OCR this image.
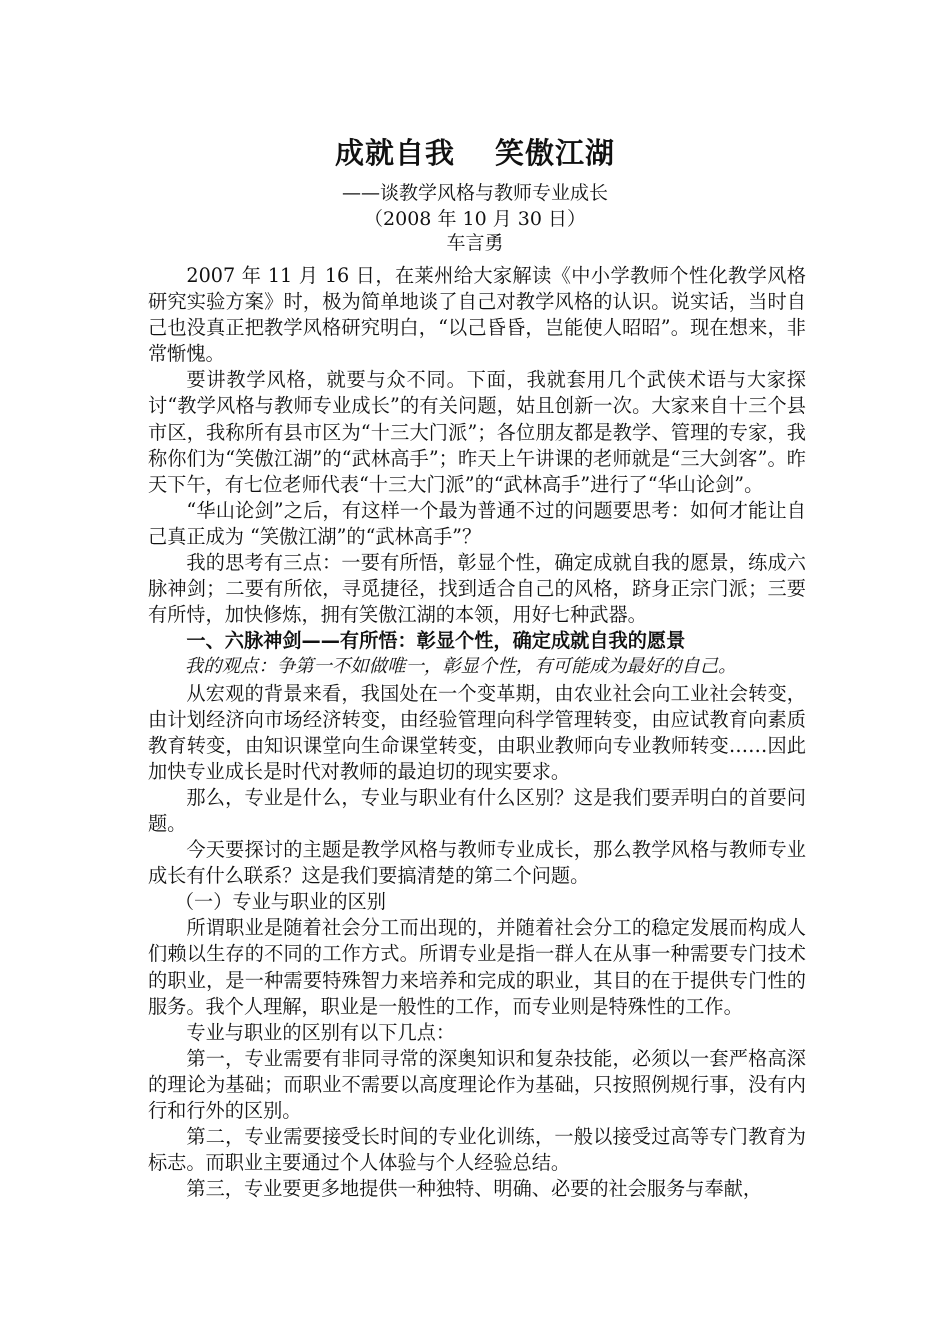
成就自我 笑傲江湖
——谈教学风格与教师专业成长
（2008 年 10 月 30 日）
车言勇

2007 年 11 月 16 日，在莱州给大家解读《中小学教师个性化教学风格研究实验方案》时，极为简单地谈了自己对教学风格的认识。说实话，当时自己也没真正把教学风格研究明白，“以己昏昏，岂能使人昭昭”。现在想来，非常惭愧。

要讲教学风格，就要与众不同。下面，我就套用几个武侠术语与大家探讨“教学风格与教师专业成长”的有关问题，姑且创新一次。大家来自十三个县市区，我称所有县市区为“十三大门派”；各位朋友都是教学、管理的专家，我称你们为“笑傲江湖”的“武林高手”；昨天上午讲课的老师就是“三大剑客”。昨天下午，有七位老师代表“十三大门派”的“武林高手”进行了“华山论剑”。

“华山论剑”之后，有这样一个最为普通不过的问题要思考：如何才能让自己真正成为 “笑傲江湖”的“武林高手”？

我的思考有三点：一要有所悟，彰显个性，确定成就自我的愿景，练成六脉神剑；二要有所依，寻觅捷径，找到适合自己的风格，跻身正宗门派；三要有所恃，加快修炼，拥有笑傲江湖的本领，用好七种武器。

一、六脉神剑——有所悟：彰显个性，确定成就自我的愿景

我的观点：争第一不如做唯一，彰显个性，有可能成为最好的自己。

从宏观的背景来看，我国处在一个变革期，由农业社会向工业社会转变，由计划经济向市场经济转变，由经验管理向科学管理转变，由应试教育向素质教育转变，由知识课堂向生命课堂转变，由职业教师向专业教师转变……因此加快专业成长是时代对教师的最迫切的现实要求。

那么，专业是什么，专业与职业有什么区别？这是我们要弄明白的首要问题。

今天要探讨的主题是教学风格与教师专业成长，那么教学风格与教师专业成长有什么联系？这是我们要搞清楚的第二个问题。

（一）专业与职业的区别

所谓职业是随着社会分工而出现的，并随着社会分工的稳定发展而构成人们赖以生存的不同的工作方式。所谓专业是指一群人在从事一种需要专门技术的职业，是一种需要特殊智力来培养和完成的职业，其目的在于提供专门性的服务。我个人理解，职业是一般性的工作，而专业则是特殊性的工作。

专业与职业的区别有以下几点：

第一，专业需要有非同寻常的深奥知识和复杂技能，必须以一套严格高深的理论为基础；而职业不需要以高度理论作为基础，只按照例规行事，没有内行和行外的区别。

第二，专业需要接受长时间的专业化训练，一般以接受过高等专门教育为标志。而职业主要通过个人体验与个人经验总结。

第三，专业要更多地提供一种独特、明确、必要的社会服务与奉献，
